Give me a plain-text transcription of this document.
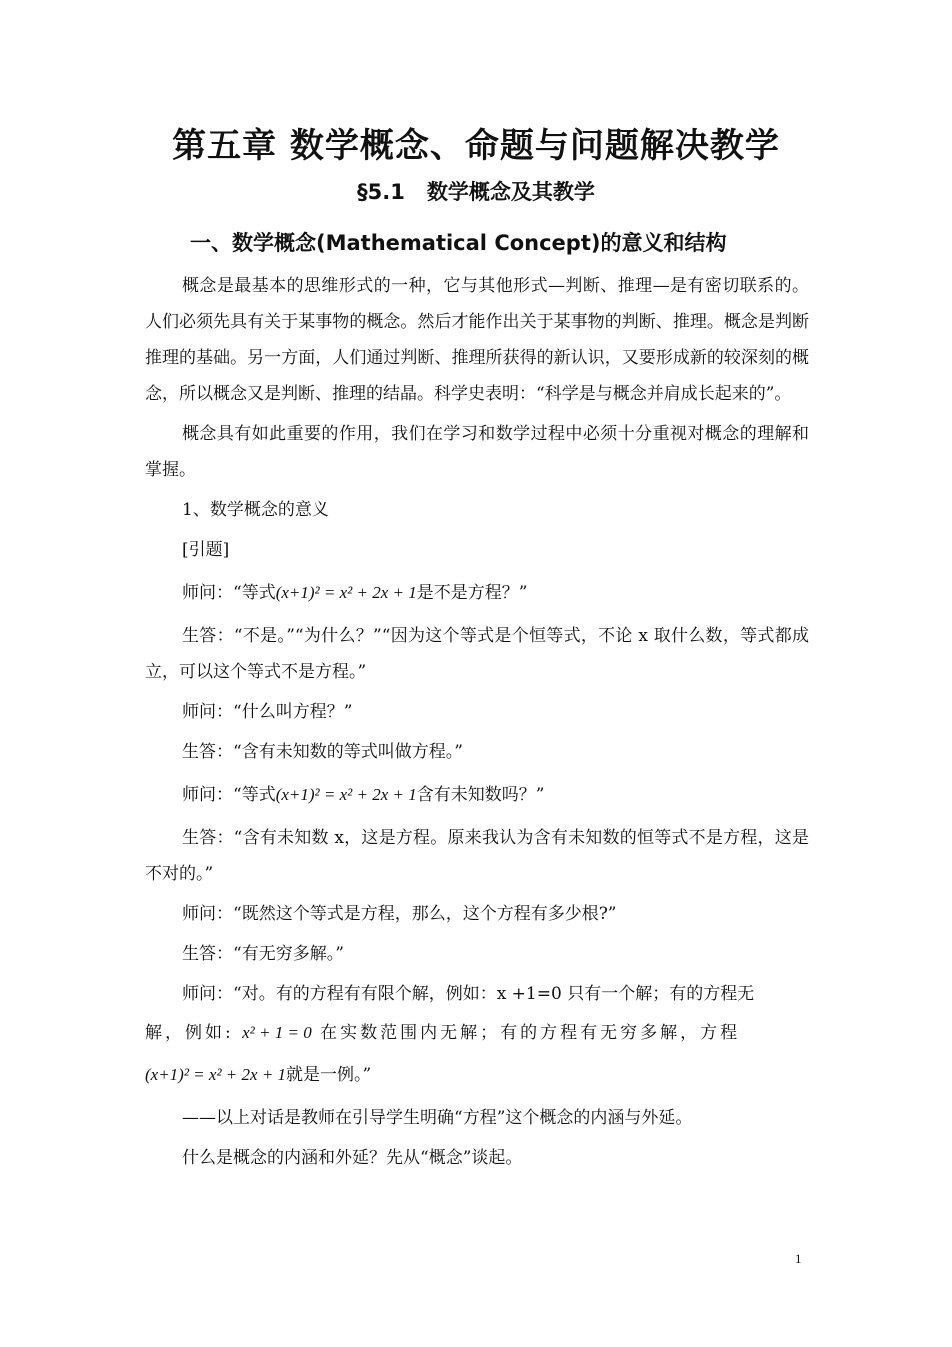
第五章 数学概念、命题与问题解决教学
§5.1 数学概念及其教学
一、数学概念(Mathematical Concept)的意义和结构

概念是最基本的思维形式的一种，它与其他形式—判断、推理—是有密切联系的。人们必须先具有关于某事物的概念。然后才能作出关于某事物的判断、推理。概念是判断推理的基础。另一方面，人们通过判断、推理所获得的新认识，又要形成新的较深刻的概念，所以概念又是判断、推理的结晶。科学史表明：“科学是与概念并肩成长起来的”。

概念具有如此重要的作用，我们在学习和数学过程中必须十分重视对概念的理解和掌握。

1、数学概念的意义

[引题]

师问：“等式(x+1)² = x² + 2x + 1是不是方程？”

生答：“不是。”“为什么？”“因为这个等式是个恒等式，不论 x 取什么数，等式都成立，可以这个等式不是方程。”

师问：“什么叫方程？”

生答：“含有未知数的等式叫做方程。”

师问：“等式(x+1)² = x² + 2x + 1含有未知数吗？”

生答：“含有未知数 x，这是方程。原来我认为含有未知数的恒等式不是方程，这是不对的。”

师问：“既然这个等式是方程，那么，这个方程有多少根?”

生答：“有无穷多解。”

师问：“对。有的方程有有限个解，例如：x +1=0 只有一个解；有的方程无

解，例如: x² + 1 = 0 在实数范围内无解；有的方程有无穷多解，方程

(x+1)² = x² + 2x + 1就是一例。”

——以上对话是教师在引导学生明确“方程”这个概念的内涵与外延。

什么是概念的内涵和外延？先从“概念”谈起。

1
